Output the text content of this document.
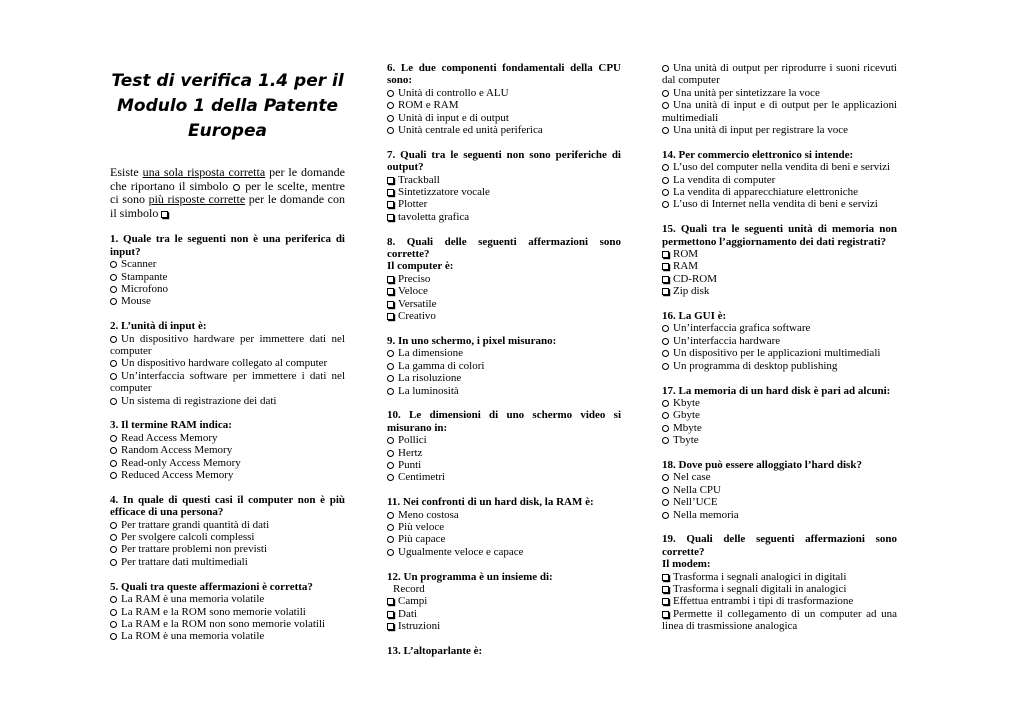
Test di verifica 1.4 per il
Modulo 1 della Patente
Europea
Esiste una sola risposta corretta per le domande che riportano il simbolo  per le scelte, mentre ci sono più risposte corrette per le domande con il simbolo
1. Quale tra le seguenti non è una periferica di input?
Scanner
Stampante
Microfono
Mouse
2. L’unità di input è:
Un dispositivo hardware per immettere dati nel computer
Un dispositivo hardware collegato al computer
Un’interfaccia software per immettere i dati nel computer
Un sistema di registrazione dei dati
3. Il termine RAM indica:
Read Access Memory
Random Access Memory
Read-only Access Memory
Reduced Access Memory
4. In quale di questi casi il computer non è più efficace di una persona?
Per trattare grandi quantità di dati
Per svolgere calcoli complessi
Per trattare problemi non previsti
Per trattare dati multimediali
5. Quali tra queste affermazioni è corretta?
La RAM è una memoria volatile
La RAM e la ROM sono memorie volatili
La RAM e la ROM non sono memorie volatili
La ROM è una memoria volatile
6. Le due componenti fondamentali della CPU sono:
Unità di controllo e ALU
ROM e RAM
Unità di input e di output
Unità centrale ed unità periferica
7. Quali tra le seguenti non sono periferiche di output?
Trackball
Sintetizzatore vocale
Plotter
tavoletta grafica
8. Quali delle seguenti affermazioni sono corrette?
Il computer è:
Preciso
Veloce
Versatile
Creativo
9. In uno schermo, i pixel misurano:
La dimensione
La gamma di colori
La risoluzione
La luminosità
10. Le dimensioni di uno schermo video si misurano in:
Pollici
Hertz
Punti
Centimetri
11. Nei confronti di un hard disk, la RAM è:
Meno costosa
Più veloce
Più capace
Ugualmente veloce e capace
12. Un programma è un insieme di:
Record
Campi
Dati
Istruzioni
13. L’altoparlante è:
Una unità di output per riprodurre i suoni ricevuti dal computer
Una unità per sintetizzare la voce
Una unità di input e di output per le applicazioni multimediali
Una unità di input per registrare la voce
14. Per commercio elettronico si intende:
L’uso del computer nella vendita di beni e servizi
La vendita di computer
La vendita di apparecchiature elettroniche
L’uso di Internet nella vendita di beni e servizi
15. Quali tra le seguenti unità di memoria non permettono l’aggiornamento dei dati registrati?
ROM
RAM
CD-ROM
Zip disk
16. La GUI è:
Un’interfaccia grafica software
Un’interfaccia hardware
Un dispositivo per le applicazioni multimediali
Un programma di desktop publishing
17. La memoria di un hard disk è pari ad alcuni:
Kbyte
Gbyte
Mbyte
Tbyte
18. Dove può essere alloggiato l’hard disk?
Nel case
Nella CPU
Nell’UCE
Nella memoria
19. Quali delle seguenti affermazioni sono corrette?
Il modem:
Trasforma i segnali analogici in digitali
Trasforma i segnali digitali in analogici
Effettua entrambi i tipi di trasformazione
Permette il collegamento di un computer ad una linea di trasmissione analogica
